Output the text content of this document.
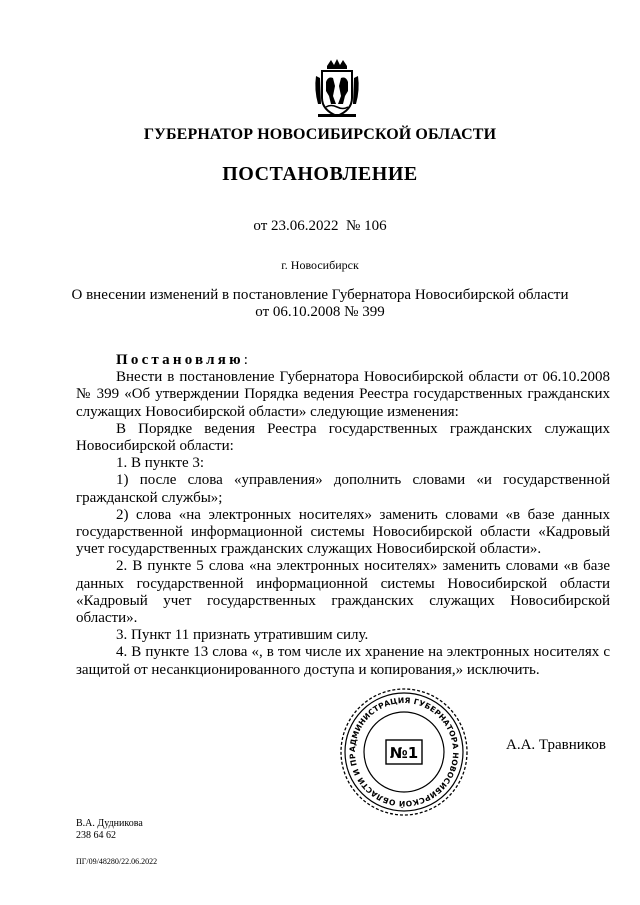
ГУБЕРНАТОР НОВОСИБИРСКОЙ ОБЛАСТИ
ПОСТАНОВЛЕНИЕ
от 23.06.2022  № 106
г. Новосибирск
О внесении изменений в постановление Губернатора Новосибирской области
от 06.10.2008 № 399

Постановляю:

Внести в постановление Губернатора Новосибирской области от 06.10.2008 № 399 «Об утверждении Порядка ведения Реестра государственных гражданских служащих Новосибирской области» следующие изменения:

В Порядке ведения Реестра государственных гражданских служащих Новосибирской области:

1. В пункте 3:

1) после слова «управления» дополнить словами «и государственной гражданской службы»;

2) слова «на электронных носителях» заменить словами «в базе данных государственной информационной системы Новосибирской области «Кадровый учет государственных гражданских служащих Новосибирской области».

2. В пункте 5 слова «на электронных носителях» заменить словами «в базе данных государственной информационной системы Новосибирской области «Кадровый учет государственных гражданских служащих Новосибирской области».

3. Пункт 11 признать утратившим силу.

4. В пункте 13 слова «, в том числе их хранение на электронных носителях с защитой от несанкционированного доступа и копирования,» исключить.

АДМИНИСТРАЦИЯ ГУБЕРНАТОРА НОВОСИБИРСКОЙ ОБЛАСТИ И ПР	№1	А.А. Травников
В.А. Дудникова
238 64 62
ПГ/09/48280/22.06.2022
